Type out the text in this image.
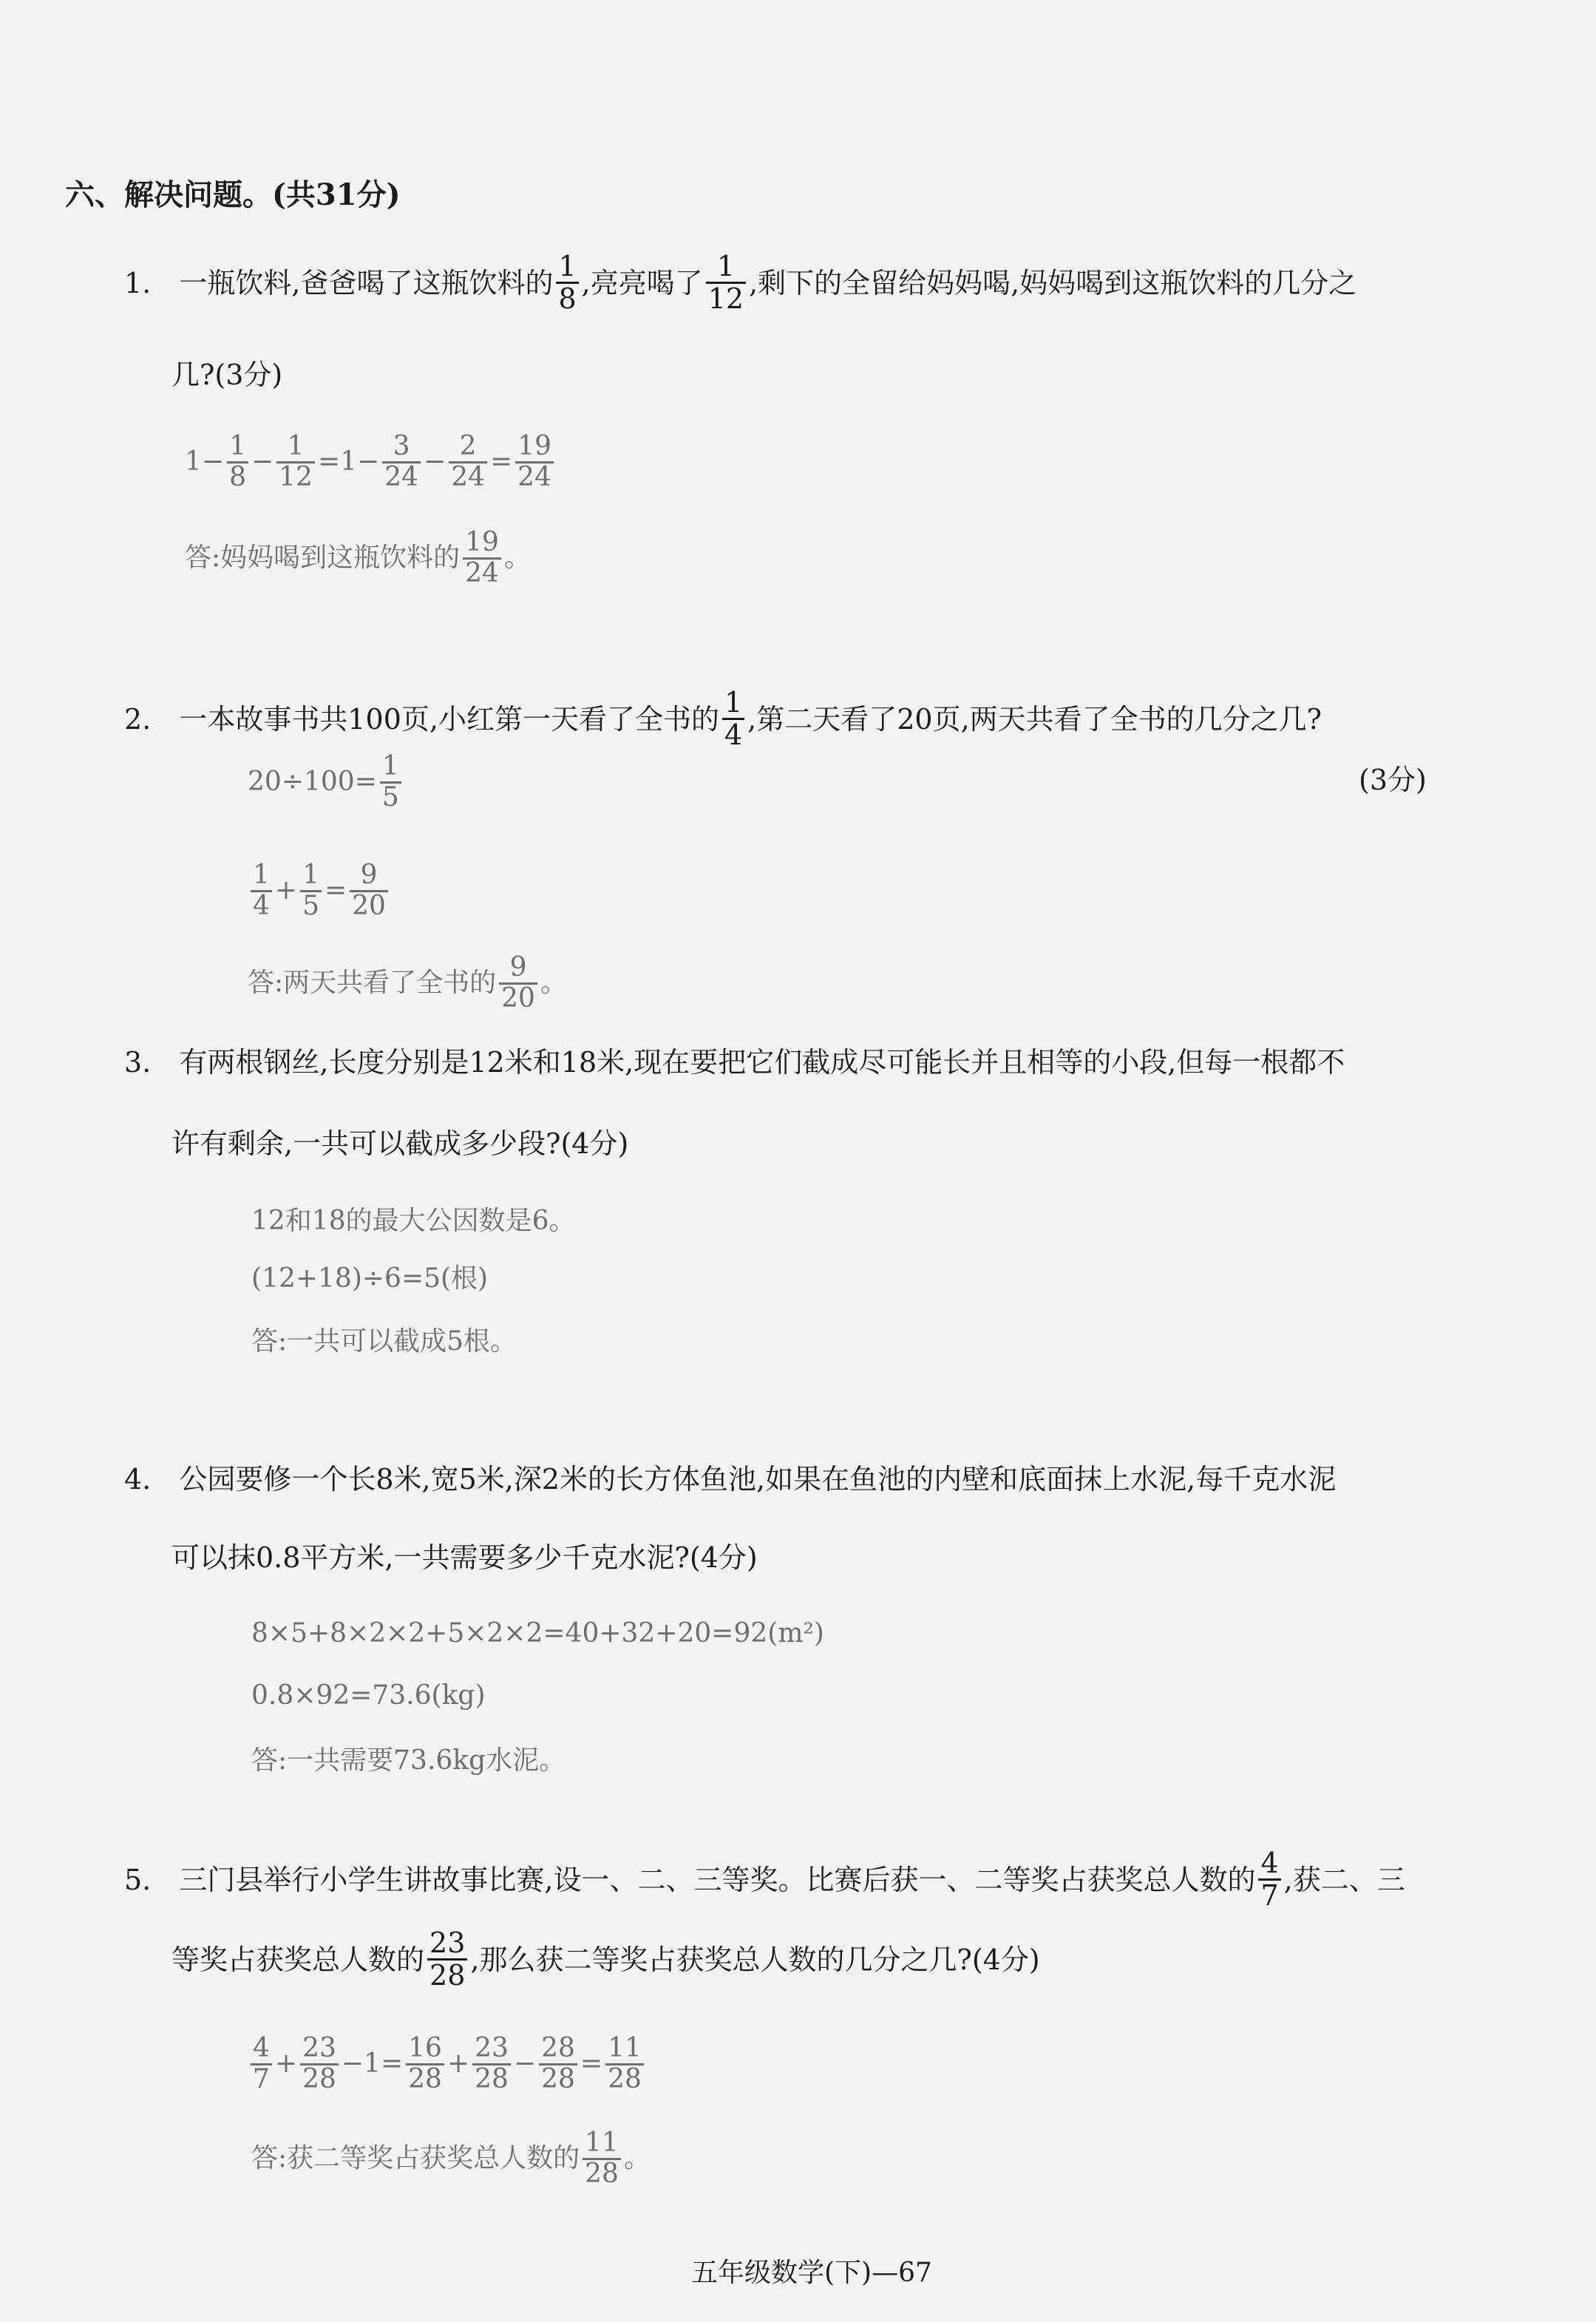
六、解决问题。(共31分)
1. 一瓶饮料,爸爸喝了这瓶饮料的 $\frac{1}{8}$ ,亮亮喝了 $\frac{1}{12}$ ,剩下的全留给妈妈喝,妈妈喝到这瓶饮料的几分之
几?(3分)
$1- \frac{1}{8} - \frac{1}{12} =1- \frac{3}{24} - \frac{2}{24} = \frac{19}{24}$
答:妈妈喝到这瓶饮料的 $\frac{19}{24}$ 。
2. 一本故事书共100页,小红第一天看了全书的 $\frac{1}{4}$ ,第二天看了20页,两天共看了全书的几分之几?
$20\div 100= \frac{1}{5}$	(3分)
$\frac{1}{4} + \frac{1}{5} = \frac{9}{20}$
答:两天共看了全书的 $\frac{9}{20}$ 。
3. 有两根钢丝,长度分别是12米和18米,现在要把它们截成尽可能长并且相等的小段,但每一根都不
许有剩余,一共可以截成多少段?(4分)
12和18的最大公因数是6。
(12+18)÷6=5(根)
答:一共可以截成5根。
4. 公园要修一个长8米,宽5米,深2米的长方体鱼池,如果在鱼池的内壁和底面抹上水泥,每千克水泥
可以抹0.8平方米,一共需要多少千克水泥?(4分)
8×5+8×2×2+5×2×2=40+32+20=92(m²)
0.8×92=73.6(kg)
答:一共需要73.6kg水泥。
5. 三门县举行小学生讲故事比赛,设一、二、三等奖。比赛后获一、二等奖占获奖总人数的 $\frac{4}{7}$ ,获二、三
等奖占获奖总人数的 $\frac{23}{28}$ ,那么获二等奖占获奖总人数的几分之几?(4分)
$\frac{4}{7} + \frac{23}{28} -1= \frac{16}{28} + \frac{23}{28} - \frac{28}{28} = \frac{11}{28}$
答:获二等奖占获奖总人数的 $\frac{11}{28}$ 。
五年级数学(下)—67
